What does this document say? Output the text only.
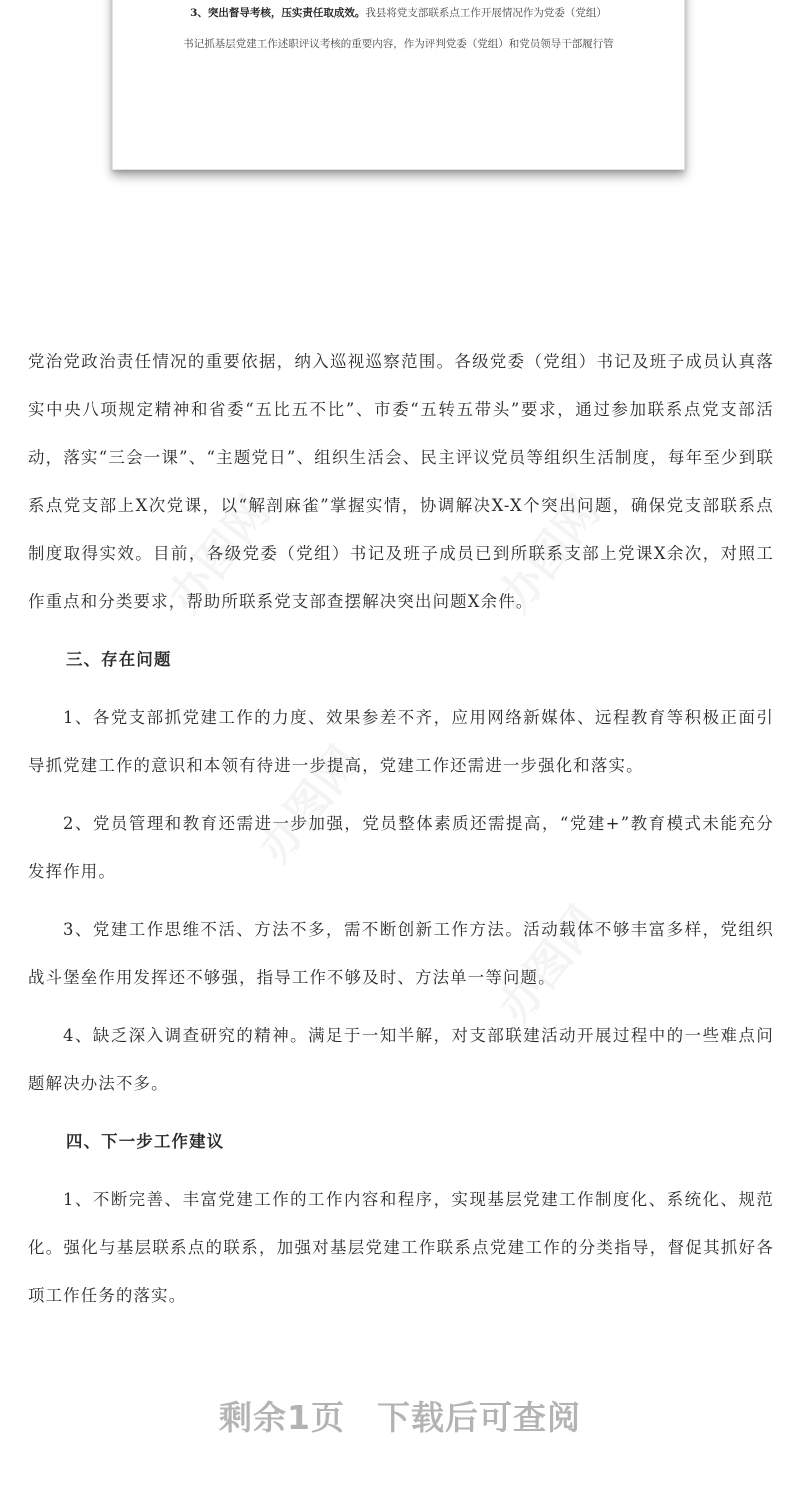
3、突出督导考核，压实责任取成效。我县将党支部联系点工作开展情况作为党委（党组）
书记抓基层党建工作述职评议考核的重要内容，作为评判党委（党组）和党员领导干部履行管
办图网	办图网
办图网
办图网

党治党政治责任情况的重要依据，纳入巡视巡察范围。各级党委（党组）书记及班子成员认真落实中央八项规定精神和省委“五比五不比”、市委“五转五带头”要求，通过参加联系点党支部活动，落实“三会一课”、“主题党日”、组织生活会、民主评议党员等组织生活制度，每年至少到联系点党支部上X次党课，以“解剖麻雀”掌握实情，协调解决X-X个突出问题，确保党支部联系点制度取得实效。目前，各级党委（党组）书记及班子成员已到所联系支部上党课X余次，对照工作重点和分类要求，帮助所联系党支部查摆解决突出问题X余件。

三、存在问题

1、各党支部抓党建工作的力度、效果参差不齐，应用网络新媒体、远程教育等积极正面引导抓党建工作的意识和本领有待进一步提高，党建工作还需进一步强化和落实。

2、党员管理和教育还需进一步加强，党员整体素质还需提高，“党建+”教育模式未能充分发挥作用。

3、党建工作思维不活、方法不多，需不断创新工作方法。活动载体不够丰富多样，党组织战斗堡垒作用发挥还不够强，指导工作不够及时、方法单一等问题。

4、缺乏深入调查研究的精神。满足于一知半解，对支部联建活动开展过程中的一些难点问题解决办法不多。

四、下一步工作建议

1、不断完善、丰富党建工作的工作内容和程序，实现基层党建工作制度化、系统化、规范化。强化与基层联系点的联系，加强对基层党建工作联系点党建工作的分类指导，督促其抓好各项工作任务的落实。

剩余1页 下载后可查阅
